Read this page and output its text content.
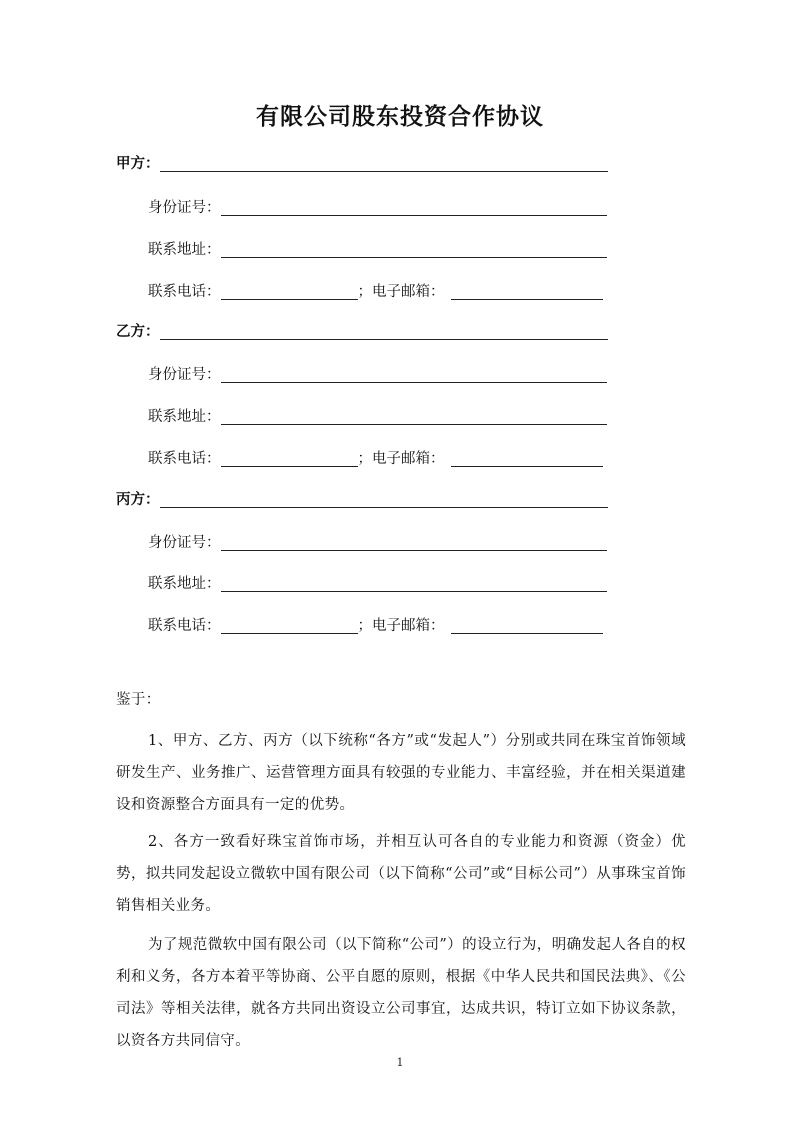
有限公司股东投资合作协议
甲方：
身份证号：
联系地址：
联系电话：	； 电子邮箱：
乙方：
身份证号：
联系地址：
联系电话：	； 电子邮箱：
丙方：
身份证号：
联系地址：
联系电话：	； 电子邮箱：
鉴于：

1、甲方、乙方、丙方（以下统称“各方”或“发起人”）分别或共同在珠宝首饰领域研发生产、业务推广、运营管理方面具有较强的专业能力、丰富经验，并在相关渠道建设和资源整合方面具有一定的优势。

2、各方一致看好珠宝首饰市场，并相互认可各自的专业能力和资源（资金）优势，拟共同发起设立微软中国有限公司（以下简称“公司”或“目标公司”）从事珠宝首饰销售相关业务。

为了规范微软中国有限公司（以下简称“公司”）的设立行为，明确发起人各自的权利和义务，各方本着平等协商、公平自愿的原则，根据《中华人民共和国民法典》、《公司法》等相关法律，就各方共同出资设立公司事宜，达成共识，特订立如下协议条款，以资各方共同信守。

1
